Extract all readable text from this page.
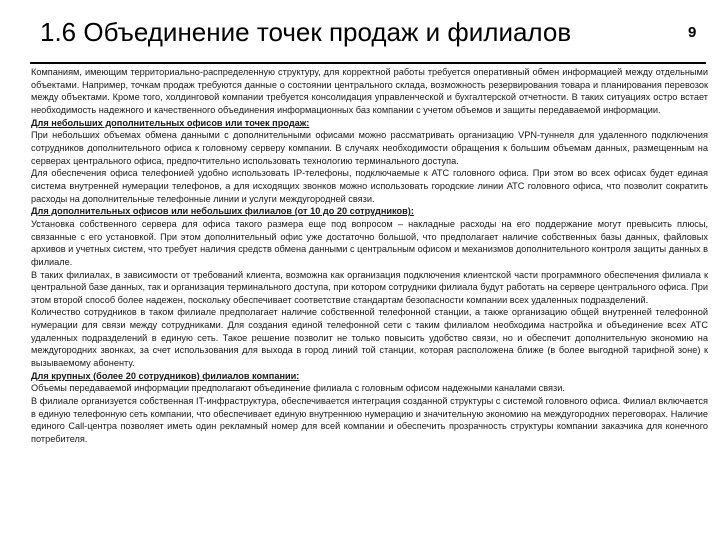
1.6 Объединение точек продаж и филиалов	9

Компаниям, имеющим территориально-распределенную структуру, для корректной работы требуется оперативный обмен информацией между отдельными объектами. Например, точкам продаж требуются данные о состоянии центрального склада, возможность резервирования товара и планирования перевозок между объектами. Кроме того, холдинговой компании требуется консолидация управленческой и бухгалтерской отчетности. В таких ситуациях остро встает необходимость надежного и качественного объединения информационных баз компании с учетом объемов и защиты передаваемой информации.

Для небольших дополнительных офисов или точек продаж:

При небольших объемах обмена данными с дополнительными офисами можно рассматривать организацию VPN-туннеля для удаленного подключения сотрудников дополнительного офиса к головному серверу компании. В случаях необходимости обращения к большим объемам данных, размещенным на серверах центрального офиса, предпочтительно использовать технологию терминального доступа.

Для обеспечения офиса телефонией удобно использовать IP-телефоны, подключаемые к АТС головного офиса. При этом во всех офисах будет единая система внутренней нумерации телефонов, а для исходящих звонков можно использовать городские линии АТС головного офиса, что позволит сократить расходы на дополнительные телефонные линии и услуги междугородней связи.

Для дополнительных офисов или небольших филиалов (от 10 до 20 сотрудников):

Установка собственного сервера для офиса такого размера еще под вопросом – накладные расходы на его поддержание могут превысить плюсы, связанные с его установкой. При этом дополнительный офис уже достаточно большой, что предполагает наличие собственных базы данных, файловых архивов и учетных систем, что требует наличия средств обмена данными с центральным офисом и механизмов дополнительного контроля защиты данных в филиале.

В таких филиалах, в зависимости от требований клиента, возможна как организация подключения клиентской части программного обеспечения филиала к центральной базе данных, так и организация терминального доступа, при котором сотрудники филиала будут работать на сервере центрального офиса. При этом второй способ более надежен, поскольку обеспечивает соответствие стандартам безопасности компании всех удаленных подразделений.

Количество сотрудников в таком филиале предполагает наличие собственной телефонной станции, а также организацию общей внутренней телефонной нумерации для связи между сотрудниками. Для создания единой телефонной сети с таким филиалом необходима настройка и объединение всех АТС удаленных подразделений в единую сеть. Такое решение позволит не только повысить удобство связи, но и обеспечит дополнительную экономию на междугородних звонках, за счет использования для выхода в город линий той станции, которая расположена ближе (в более выгодной тарифной зоне) к вызываемому абоненту.

Для крупных (более 20 сотрудников) филиалов компании:

Объемы передаваемой информации предполагают объединение филиала с головным офисом надежными каналами связи.

В филиале организуется собственная IT-инфраструктура, обеспечивается интеграция созданной структуры с системой головного офиса. Филиал включается в единую телефонную сеть компании, что обеспечивает единую внутреннюю нумерацию и значительную экономию на междугородних переговорах. Наличие единого Call-центра позволяет иметь один рекламный номер для всей компании и обеспечить прозрачность структуры компании заказчика для конечного потребителя.
